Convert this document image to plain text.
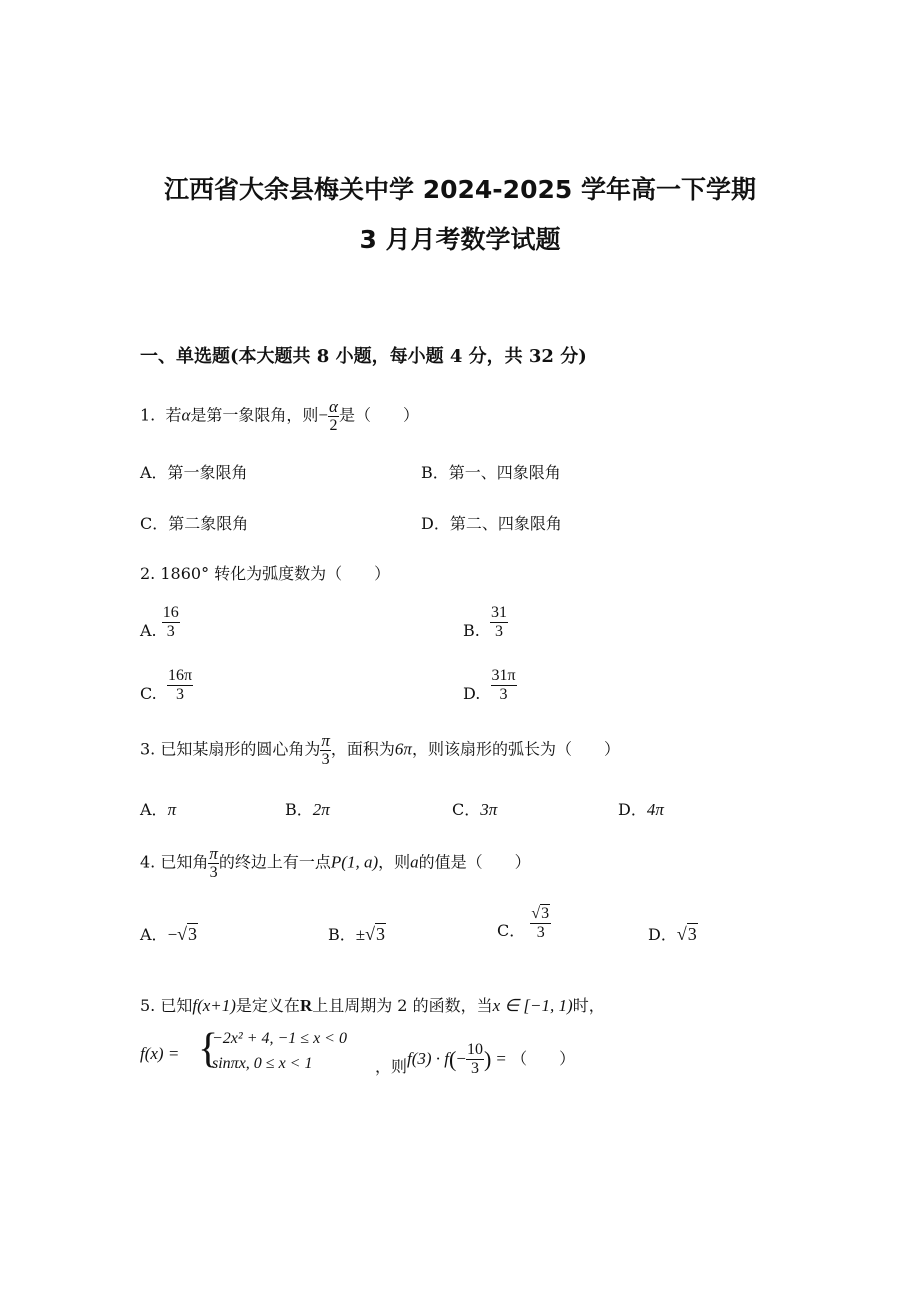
江西省大余县梅关中学 2024-2025 学年高一下学期
3 月月考数学试题
一、单选题(本大题共 8 小题，每小题 4 分，共 32 分)
1. 若α是第一象限角，则− $\frac{\alpha}{2}$ 是（　　）
A．第一象限角	B．第一、四象限角
C．第二象限角	D．第二、四象限角
2. 1860° 转化为弧度数为（　　）
A. $\frac{16}{3}$	B. $\frac{31}{3}$
C. $\frac{16\pi}{3}$	D. $\frac{31\pi}{3}$
3. 已知某扇形的圆心角为 $\frac{\pi}{3}$ ，面积为6π，则该扇形的弧长为（　　）
A．π	B．2π	C．3π	D．4π
4. 已知角 $\frac{\pi}{3}$ 的终边上有一点P(1, a)，则a的值是（　　）
A．−√3	B．±√3	C． $\frac{√3}{3}$	D．√3
5. 已知f(x+1)是定义在R上且周期为 2 的函数，当x ∈ [−1, 1)时，
f(x) = {
−2x² + 4, −1 ≤ x < 0
sinπx, 0 ≤ x < 1	，则$f(3) \cdot f(- \frac{10}{3}$ ) = （　　）
